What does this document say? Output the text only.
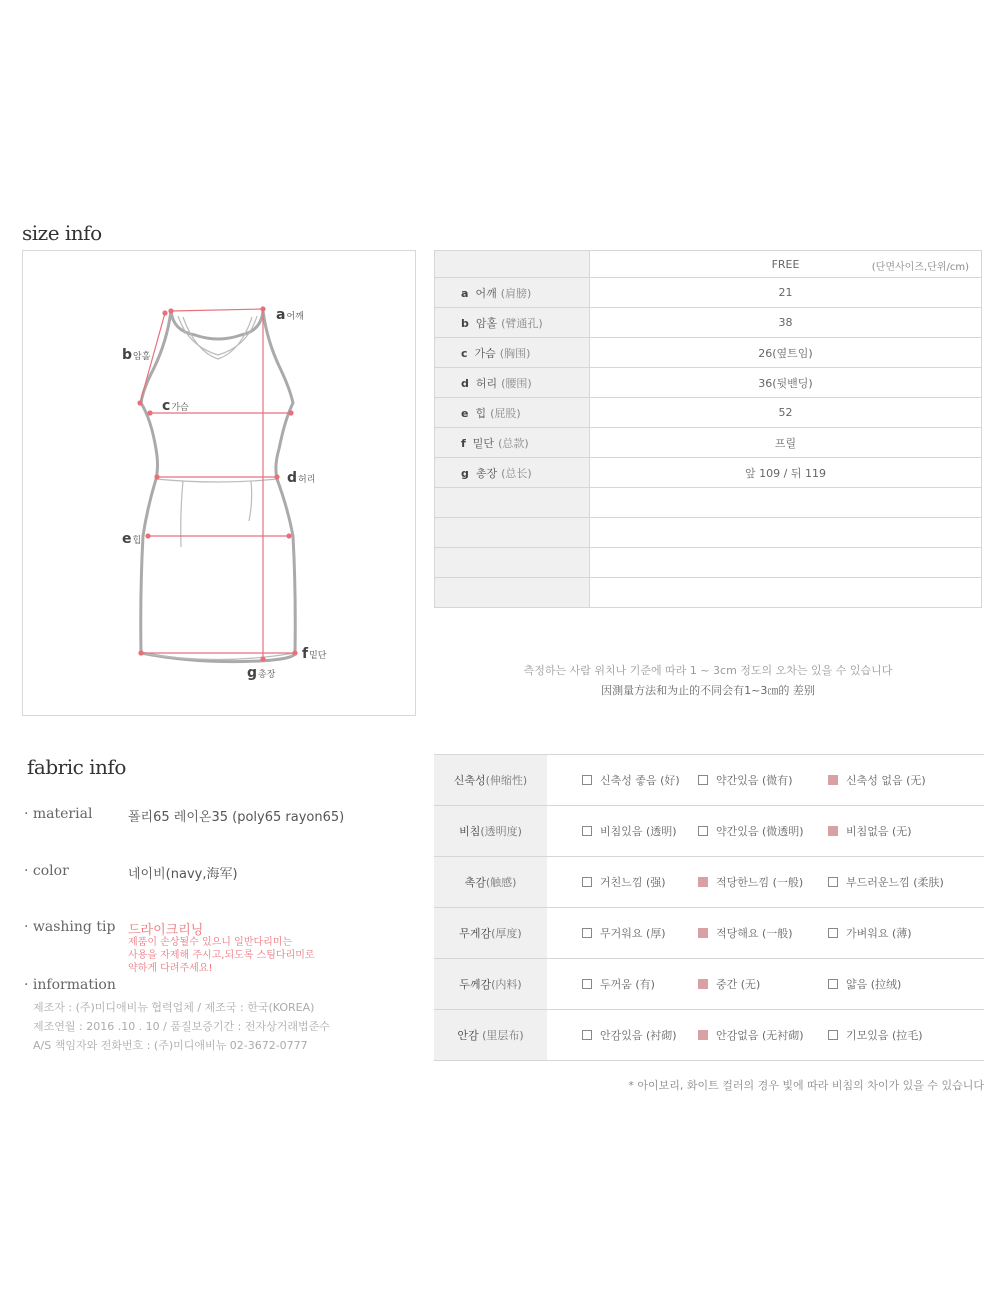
size info
a어깨
b암홀
c가슴
d허리
e힙
f밑단
g총장
	FREE (단면사이즈,단위/cm)

a 어깨 (肩膀)	21
b 암홀 (臂通孔)	38
c 가슴 (胸围)	26(옆트임)
d 허리 (腰围)	36(뒷밴딩)
e 힙 (屁股)	52
f 밑단 (总款)	프릴
g 총장 (总长)	앞 109 / 뒤 119

측정하는 사람 위치나 기준에 따라 1 ~ 3cm 정도의 오차는 있을 수 있습니다
因測量方法和为止的不同会有1~3㎝的 差别
fabric info
· material	폴리65 레이온35 (poly65 rayon65)
· color	네이비(navy,海军)
· washing tip 드라이크리닝
제품이 손상될수 있으니 일반다리미는
사용을 자제해 주시고,되도록 스팀다리미로
약하게 다려주세요!
· information
제조자 : (주)미디애비뉴 협력업체 / 제조국 : 한국(KOREA)
제조연월 : 2016 .10 . 10 / 품질보증기간 : 전자상거래법준수
A/S 책임자와 전화번호 : (주)미디애비뉴 02-3672-0777
신축성(伸缩性)	신축성 좋음 (好) 약간있음 (微有) 신축성 없음 (无)

비침(透明度)	비침있음 (透明) 약간있음 (微透明) 비침없음 (无)

촉감(触感)	거친느낌 (强) 적당한느낌 (一般) 부드러운느낌 (柔肤)

무게감(厚度)	무거워요 (厚) 적당해요 (一般) 가벼워요 (薄)

두께감(内料)	두꺼움 (有) 중간 (无) 얇음 (拉绒)

안감 (里层布)	안감있음 (衬砌) 안감없음 (无衬砌) 기모있음 (拉毛)
* 아이보리, 화이트 컬러의 경우 빛에 따라 비침의 차이가 있을 수 있습니다
